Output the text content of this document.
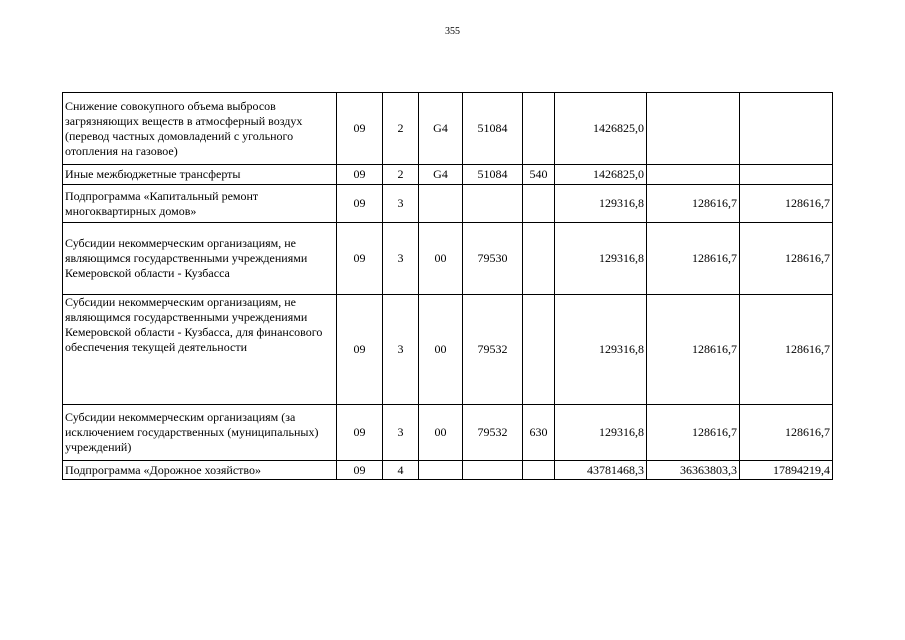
355
Снижение совокупного объема выбросов загрязняющих веществ в атмосферный воздух (перевод частных домовладений с угольного отопления на газовое)	09	2	G4	51084		1426825,0		
Иные межбюджетные трансферты	09	2	G4	51084	540	1426825,0		
Подпрограмма «Капитальный ремонт многоквартирных домов»	09	3				129316,8	128616,7	128616,7
Субсидии некоммерческим организациям, не являющимся государственными учреждениями Кемеровской области - Кузбасса	09	3	00	79530		129316,8	128616,7	128616,7
Субсидии некоммерческим организациям, не являющимся государственными учреждениями Кемеровской области - Кузбасса, для финансового обеспечения текущей деятельности	09	3	00	79532		129316,8	128616,7	128616,7
Субсидии некоммерческим организациям (за исключением государственных (муниципальных) учреждений)	09	3	00	79532	630	129316,8	128616,7	128616,7
Подпрограмма «Дорожное хозяйство»	09	4				43781468,3	36363803,3	17894219,4
